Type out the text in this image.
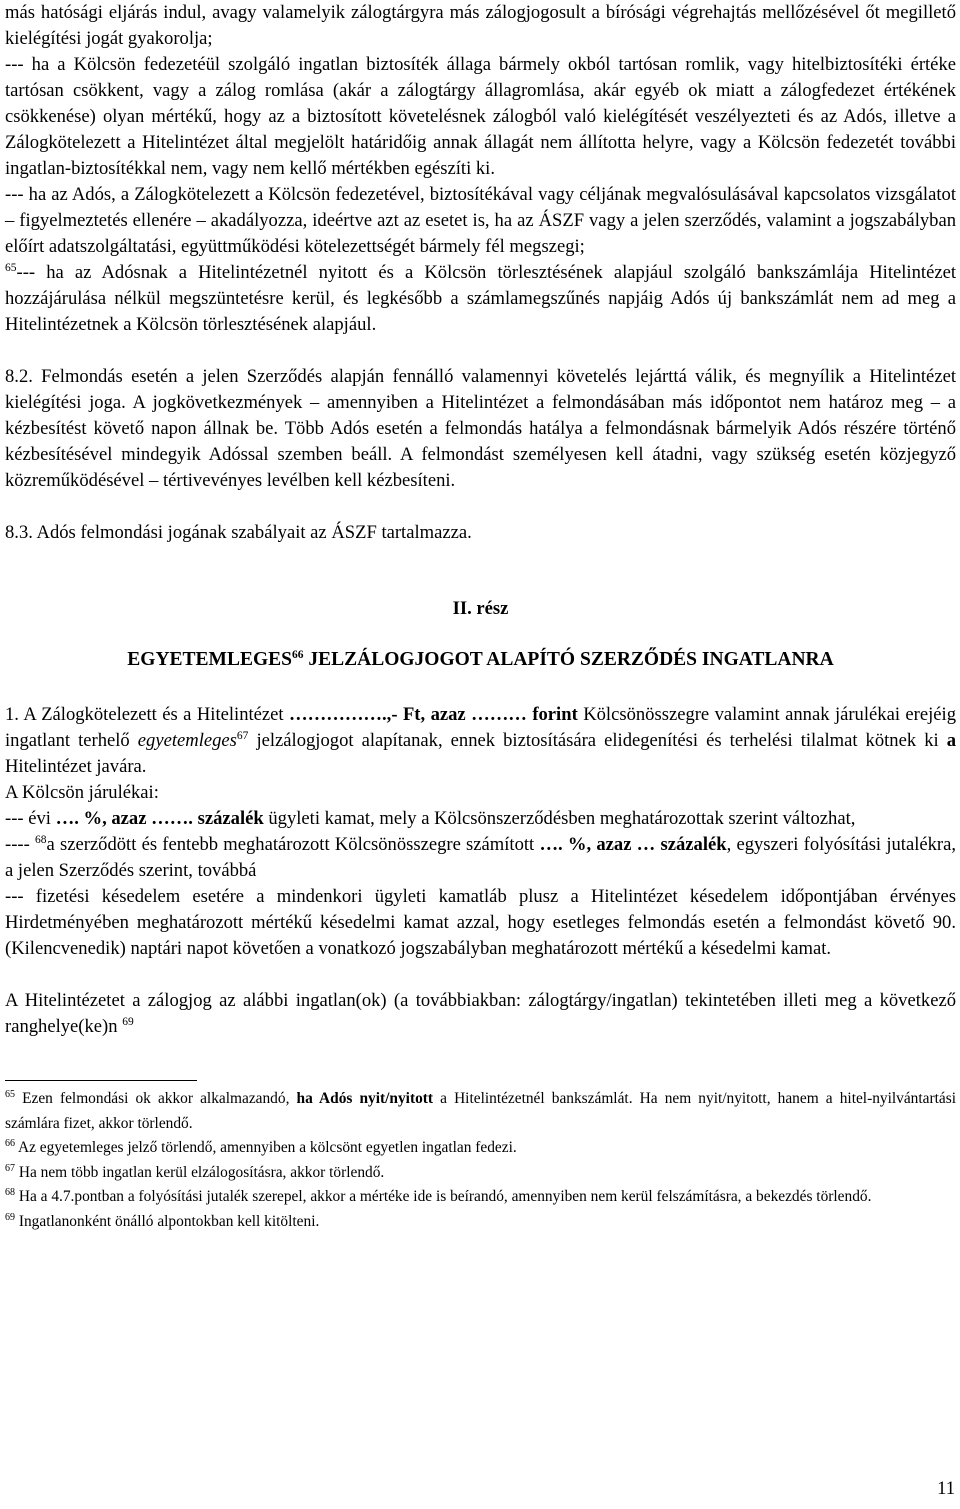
más hatósági eljárás indul, avagy valamelyik zálogtárgyra más zálogjogosult a bírósági végrehajtás mellőzésével őt megillető kielégítési jogát gyakorolja;

--- ha a Kölcsön fedezetéül szolgáló ingatlan biztosíték állaga bármely okból tartósan romlik, vagy hitelbiztosítéki értéke tartósan csökkent, vagy a zálog romlása (akár a zálogtárgy állagromlása, akár egyéb ok miatt a zálogfedezet értékének csökkenése) olyan mértékű, hogy az a biztosított követelésnek zálogból való kielégítését veszélyezteti és az Adós, illetve a Zálogkötelezett a Hitelintézet által megjelölt határidőig annak állagát nem állította helyre, vagy a Kölcsön fedezetét további ingatlan-biztosítékkal nem, vagy nem kellő mértékben egészíti ki.

--- ha az Adós, a Zálogkötelezett a Kölcsön fedezetével, biztosítékával vagy céljának megvalósulásával kapcsolatos vizsgálatot – figyelmeztetés ellenére – akadályozza, ideértve azt az esetet is, ha az ÁSZF vagy a jelen szerződés, valamint a jogszabályban előírt adatszolgáltatási, együttműködési kötelezettségét bármely fél megszegi;

$^{65}$--- ha az Adósnak a Hitelintézetnél nyitott és a Kölcsön törlesztésének alapjául szolgáló bankszámlája Hitelintézet hozzájárulása nélkül megszüntetésre kerül, és legkésőbb a számlamegszűnés napjáig Adós új bankszámlát nem ad meg a Hitelintézetnek a Kölcsön törlesztésének alapjául.

8.2. Felmondás esetén a jelen Szerződés alapján fennálló valamennyi követelés lejárttá válik, és megnyílik a Hitelintézet kielégítési joga. A jogkövetkezmények – amennyiben a Hitelintézet a felmondásában más időpontot nem határoz meg – a kézbesítést követő napon állnak be. Több Adós esetén a felmondás hatálya a felmondásnak bármelyik Adós részére történő kézbesítésével mindegyik Adóssal szemben beáll. A felmondást személyesen kell átadni, vagy szükség esetén közjegyző közreműködésével – tértivevényes levélben kell kézbesíteni.

8.3. Adós felmondási jogának szabályait az ÁSZF tartalmazza.

II. rész

EGYETEMLEGES$^{66}$ JELZÁLOGJOGOT ALAPÍTÓ SZERZŐDÉS INGATLANRA

1. A Zálogkötelezett és a Hitelintézet …………….,- Ft, azaz ……… forint Kölcsönösszegre valamint annak járulékai erejéig ingatlant terhelő egyetemleges$^{67}$ jelzálogjogot alapítanak, ennek biztosítására elidegenítési és terhelési tilalmat kötnek ki a Hitelintézet javára.

A Kölcsön járulékai:

--- évi …. %, azaz ……. százalék ügyleti kamat, mely a Kölcsönszerződésben meghatározottak szerint változhat,

---- $^{68}$a szerződött és fentebb meghatározott Kölcsönösszegre számított …. %, azaz … százalék, egyszeri folyósítási jutalékra, a jelen Szerződés szerint, továbbá

--- fizetési késedelem esetére a mindenkori ügyleti kamatláb plusz a Hitelintézet késedelem időpontjában érvényes Hirdetményében meghatározott mértékű késedelmi kamat azzal, hogy esetleges felmondás esetén a felmondást követő 90. (Kilencvenedik) naptári napot követően a vonatkozó jogszabályban meghatározott mértékű a késedelmi kamat.

A Hitelintézetet a zálogjog az alábbi ingatlan(ok) (a továbbiakban: zálogtárgy/ingatlan) tekintetében illeti meg a következő ranghelye(ke)n $^{69}$

$^{65}$ Ezen felmondási ok akkor alkalmazandó, ha Adós nyit/nyitott a Hitelintézetnél bankszámlát. Ha nem nyit/nyitott, hanem a hitel-nyilvántartási számlára fizet, akkor törlendő.

$^{66}$ Az egyetemleges jelző törlendő, amennyiben a kölcsönt egyetlen ingatlan fedezi.

$^{67}$ Ha nem több ingatlan kerül elzálogosításra, akkor törlendő.

$^{68}$ Ha a 4.7.pontban a folyósítási jutalék szerepel, akkor a mértéke ide is beírandó, amennyiben nem kerül felszámításra, a bekezdés törlendő.

$^{69}$ Ingatlanonként önálló alpontokban kell kitölteni.

11
